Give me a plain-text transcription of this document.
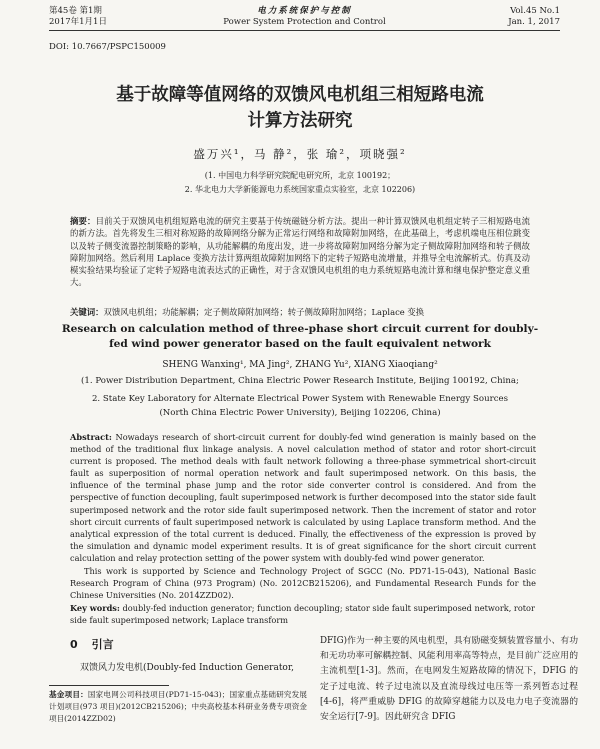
第45卷 第1期	电力系统保护与控制	Vol.45 No.1
2017年1月1日	Power System Protection and Control	Jan. 1, 2017
DOI: 10.7667/PSPC150009
基于故障等值网络的双馈风电机组三相短路电流
计算方法研究
盛万兴¹，马 静²，张 瑜²，项晓强²
(1. 中国电力科学研究院配电研究所，北京 100192；
2. 华北电力大学新能源电力系统国家重点实验室，北京 102206)
摘要：目前关于双馈风电机组短路电流的研究主要基于传统磁链分析方法。提出一种计算双馈风电机组定转子三相短路电流的新方法。首先将发生三相对称短路的故障网络分解为正常运行网络和故障附加网络，在此基础上，考虑机端电压相位跳变以及转子侧变流器控制策略的影响，从功能解耦的角度出发，进一步将故障附加网络分解为定子侧故障附加网络和转子侧故障附加网络。然后利用 Laplace 变换方法计算两组故障附加网络下的定转子短路电流增量，并推导全电流解析式。仿真及动模实验结果均验证了定转子短路电流表达式的正确性，对于含双馈风电机组的电力系统短路电流计算和继电保护整定意义重大。
关键词：双馈风电机组；功能解耦；定子侧故障附加网络；转子侧故障附加网络；Laplace 变换
Research on calculation method of three-phase short circuit current for doubly-fed wind power generator based on the fault equivalent network
SHENG Wanxing¹, MA Jing², ZHANG Yu², XIANG Xiaoqiang²
(1. Power Distribution Department, China Electric Power Research Institute, Beijing 100192, China;
2. State Key Laboratory for Alternate Electrical Power System with Renewable Energy Sources
(North China Electric Power University), Beijing 102206, China)
Abstract: Nowadays research of short-circuit current for doubly-fed wind generation is mainly based on the method of the traditional flux linkage analysis. A novel calculation method of stator and rotor short-circuit current is proposed. The method deals with fault network following a three-phase symmetrical short-circuit fault as superposition of normal operation network and fault superimposed network. On this basis, the influence of the terminal phase jump and the rotor side converter control is considered. And from the perspective of function decoupling, fault superimposed network is further decomposed into the stator side fault superimposed network and the rotor side fault superimposed network. Then the increment of stator and rotor short circuit currents of fault superimposed network is calculated by using Laplace transform method. And the analytical expression of the total current is deduced. Finally, the effectiveness of the expression is proved by the simulation and dynamic model experiment results. It is of great significance for the short circuit current calculation and relay protection setting of the power system with doubly-fed wind power generator.
This work is supported by Science and Technology Project of SGCC (No. PD71-15-043), National Basic Research Program of China (973 Program) (No. 2012CB215206), and Fundamental Research Funds for the Chinese Universities (No. 2014ZZD02).
Key words: doubly-fed induction generator; function decoupling; stator side fault superimposed network, rotor side fault superimposed network; Laplace transform
0 引言
双馈风力发电机(Doubly-fed Induction Generator,
基金项目：国家电网公司科技项目(PD71-15-043)；国家重点基础研究发展计划项目(973 项目)(2012CB215206)；中央高校基本科研业务费专项资金项目(2014ZZD02)
DFIG)作为一种主要的风电机型，具有励磁变频装置容量小、有功和无功功率可解耦控制、风能利用率高等特点，是目前广泛应用的主流机型[1-3]。然而，在电网发生短路故障的情况下，DFIG 的定子过电流、转子过电流以及直流母线过电压等一系列暂态过程[4-6]，将严重威胁 DFIG 的故障穿越能力以及电力电子变流器的安全运行[7-9]。因此研究含 DFIG
